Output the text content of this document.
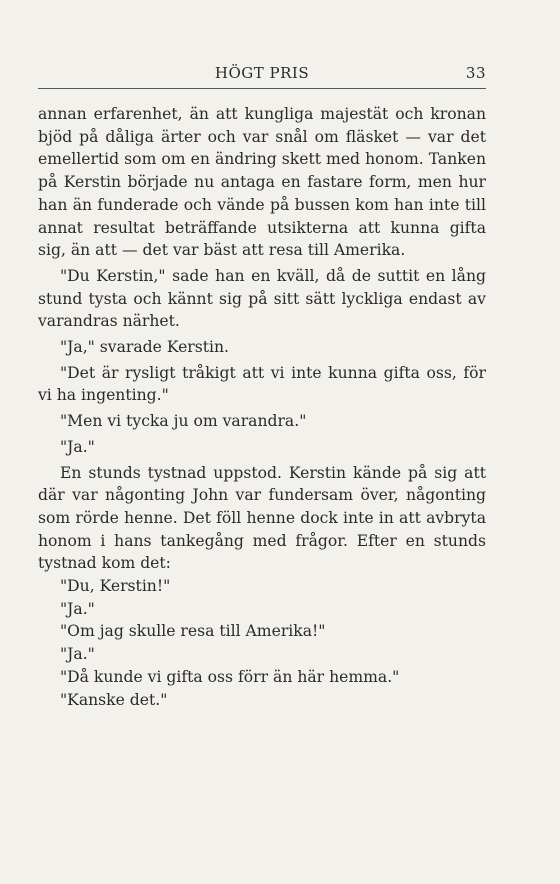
HÖGT PRIS	33

annan erfarenhet, än att kungliga majestät och kronan bjöd på dåliga ärter och var snål om fläsket — var det emellertid som om en ändring skett med honom. Tanken på Kerstin började nu antaga en fastare form, men hur han än funderade och vände på bussen kom han inte till annat resultat beträffande utsikterna att kunna gifta sig, än att — det var bäst att resa till Amerika.

"Du Kerstin," sade han en kväll, då de suttit en lång stund tysta och kännt sig på sitt sätt lyckliga endast av varandras närhet.

"Ja," svarade Kerstin.

"Det är rysligt tråkigt att vi inte kunna gifta oss, för vi ha ingenting."

"Men vi tycka ju om varandra."

"Ja."

En stunds tystnad uppstod. Kerstin kände på sig att där var någonting John var fundersam över, någonting som rörde henne. Det föll henne dock inte in att avbryta honom i hans tankegång med frågor. Efter en stunds tystnad kom det:

"Du, Kerstin!"

"Ja."

"Om jag skulle resa till Amerika!"

"Ja."

"Då kunde vi gifta oss förr än här hemma."

"Kanske det."
